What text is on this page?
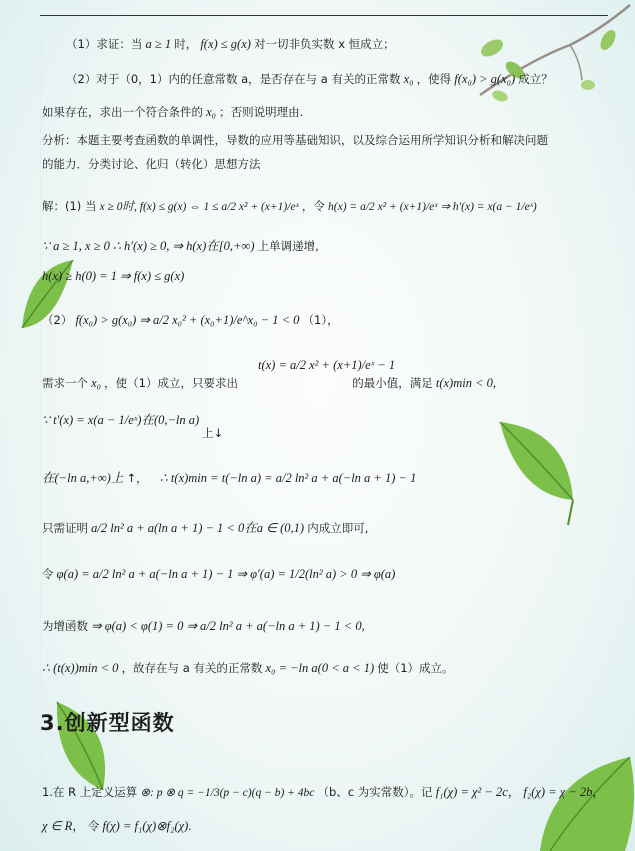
（1）求证：当 a ≥ 1 时， f(x) ≤ g(x) 对一切非负实数 x 恒成立；
（2）对于（0，1）内的任意常数 a，是否存在与 a 有关的正常数 x₀ ，使得 f(x₀) > g(x₀) 成立？
如果存在，求出一个符合条件的 x₀ ；否则说明理由.
分析：本题主要考查函数的单调性，导数的应用等基础知识，以及综合运用所学知识分析和解决问题
的能力．分类讨论、化归（转化）思想方法
解：(1) 当 x ≥ 0时, f(x) ≤ g(x) ⇔ 1 ≤ a/2 x² + (x+1)/eˣ ，令 h(x) = a/2 x² + (x+1)/eˣ ⇒ h′(x) = x(a − 1/eˣ)
∵ a ≥ 1, x ≥ 0 ∴ h′(x) ≥ 0, ⇒ h(x)在[0,+∞) 上单调递增,
h(x) ≥ h(0) = 1 ⇒ f(x) ≤ g(x)
（2） f(x₀) > g(x₀) ⇒ a/2 x₀² + (x₀+1)/e^x₀ − 1 < 0 （1），
t(x) = a/2 x² + (x+1)/eˣ − 1
需求一个 x₀ ，使（1）成立，只要求出	的最小值，满足 t(x)min < 0,
∵ t′(x) = x(a − 1/eˣ)在(0,−ln a)
上↓
在(−ln a,+∞)上 ↑， ∴ t(x)min = t(−ln a) = a/2 ln² a + a(−ln a + 1) − 1
只需证明 a/2 ln² a + a(ln a + 1) − 1 < 0在a ∈ (0,1) 内成立即可,
令 φ(a) = a/2 ln² a + a(−ln a + 1) − 1 ⇒ φ′(a) = 1/2(ln² a) > 0 ⇒ φ(a)
为增函数 ⇒ φ(a) < φ(1) = 0 ⇒ a/2 ln² a + a(−ln a + 1) − 1 < 0,
∴ (t(x))min < 0 ，故存在与 a 有关的正常数 x₀ = −ln a(0 < a < 1) 使（1）成立。
3.创新型函数
1.在 R 上定义运算 ⊗: p ⊗ q = −1/3(p − c)(q − b) + 4bc （b、c 为实常数）。记 f₁(χ) = χ² − 2c， f₂(χ) = χ − 2b，
χ ∈ R， 令 f(χ) = f₁(χ)⊗f₂(χ).
